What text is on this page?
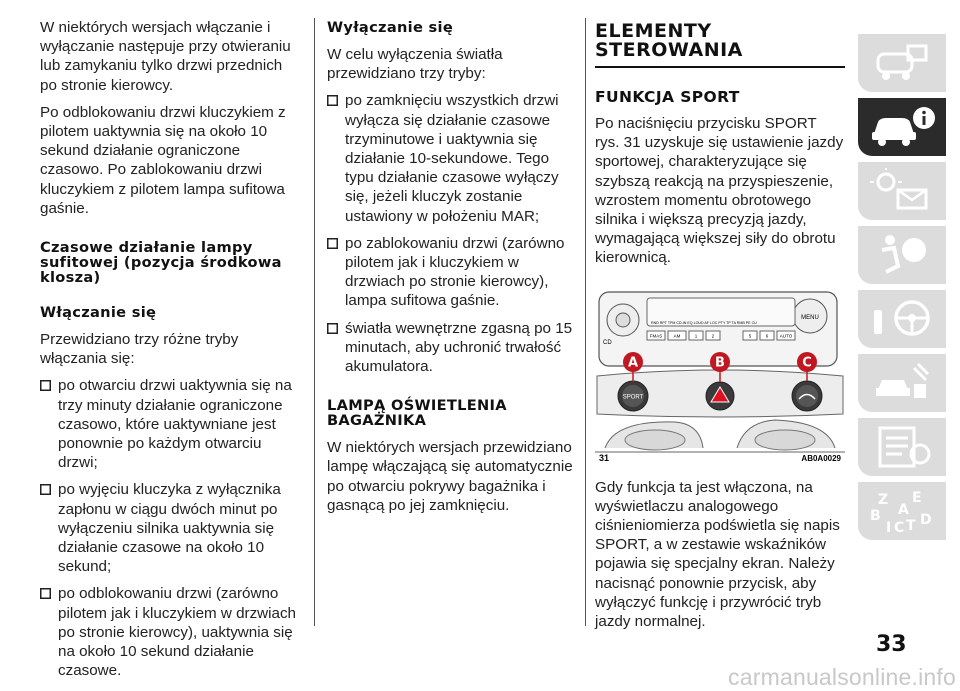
W niektórych wersjach włączanie i wyłączanie następuje przy otwieraniu lub zamykaniu tylko drzwi przednich po stronie kierowcy.

Po odblokowaniu drzwi kluczykiem z pilotem uaktywnia się na około 10 sekund działanie ograniczone czasowo. Po zablokowaniu drzwi kluczykiem z pilotem lampa sufitowa gaśnie.

Czasowe działanie lampy sufitowej (pozycja środkowa klosza)
Włączanie się

Przewidziano trzy różne tryby włączania się:

po otwarciu drzwi uaktywnia się na trzy minuty działanie ograniczone czasowo, które uaktywniane jest ponownie po każdym otwarciu drzwi;
po wyjęciu kluczyka z wyłącznika zapłonu w ciągu dwóch minut po wyłączeniu silnika uaktywnia się działanie czasowe na około 10 sekund;
po odblokowaniu drzwi (zarówno pilotem jak i kluczykiem w drzwiach po stronie kierowcy), uaktywnia się na około 10 sekund działanie czasowe.
Wyłączanie się

W celu wyłączenia światła przewidziano trzy tryby:

po zamknięciu wszystkich drzwi wyłącza się działanie czasowe trzyminutowe i uaktywnia się działanie 10-sekundowe. Tego typu działanie czasowe wyłączy się, jeżeli kluczyk zostanie ustawiony w położeniu MAR;
po zablokowaniu drzwi (zarówno pilotem jak i kluczykiem w drzwiach po stronie kierowcy), lampa sufitowa gaśnie.
światła wewnętrzne zgasną po 15 minutach, aby uchronić trwałość akumulatora.
LAMPĄ OŚWIETLENIA BAGAŻNIKA

W niektórych wersjach przewidziano lampę włączającą się automatycznie po otwarciu pokrywy bagażnika i gasnącą po jej zamknięciu.

ELEMENTY STEROWANIA
FUNKCJA SPORT

Po naciśnięciu przycisku SPORT rys. 31 uzyskuje się ustawienie jazdy sportowej, charakteryzujące się szybszą reakcją na przyspieszenie, wzrostem momentu obrotowego silnika i większą precyzją jazdy, wymagającą większej siły do obrotu kierownicą.

MENU
CD
RND RPT TPM CD-IN EQ LOUD AF LOC PTY TP TA RMB PE CU
FMAS	AM	1	2	5	6	AUTO
SPORT
A	B	C
31	AB0A0029

Gdy funkcja ta jest włączona, na wyświetlaczu analogowego ciśnieniomierza podświetla się napis SPORT, a w zestawie wskaźników pojawia się specjalny ekran. Należy nacisnąć ponownie przycisk, aby wyłączyć funkcję i przywrócić tryb jazdy normalnej.

Z E
B A
I C T D
33
carmanualsonline.info
